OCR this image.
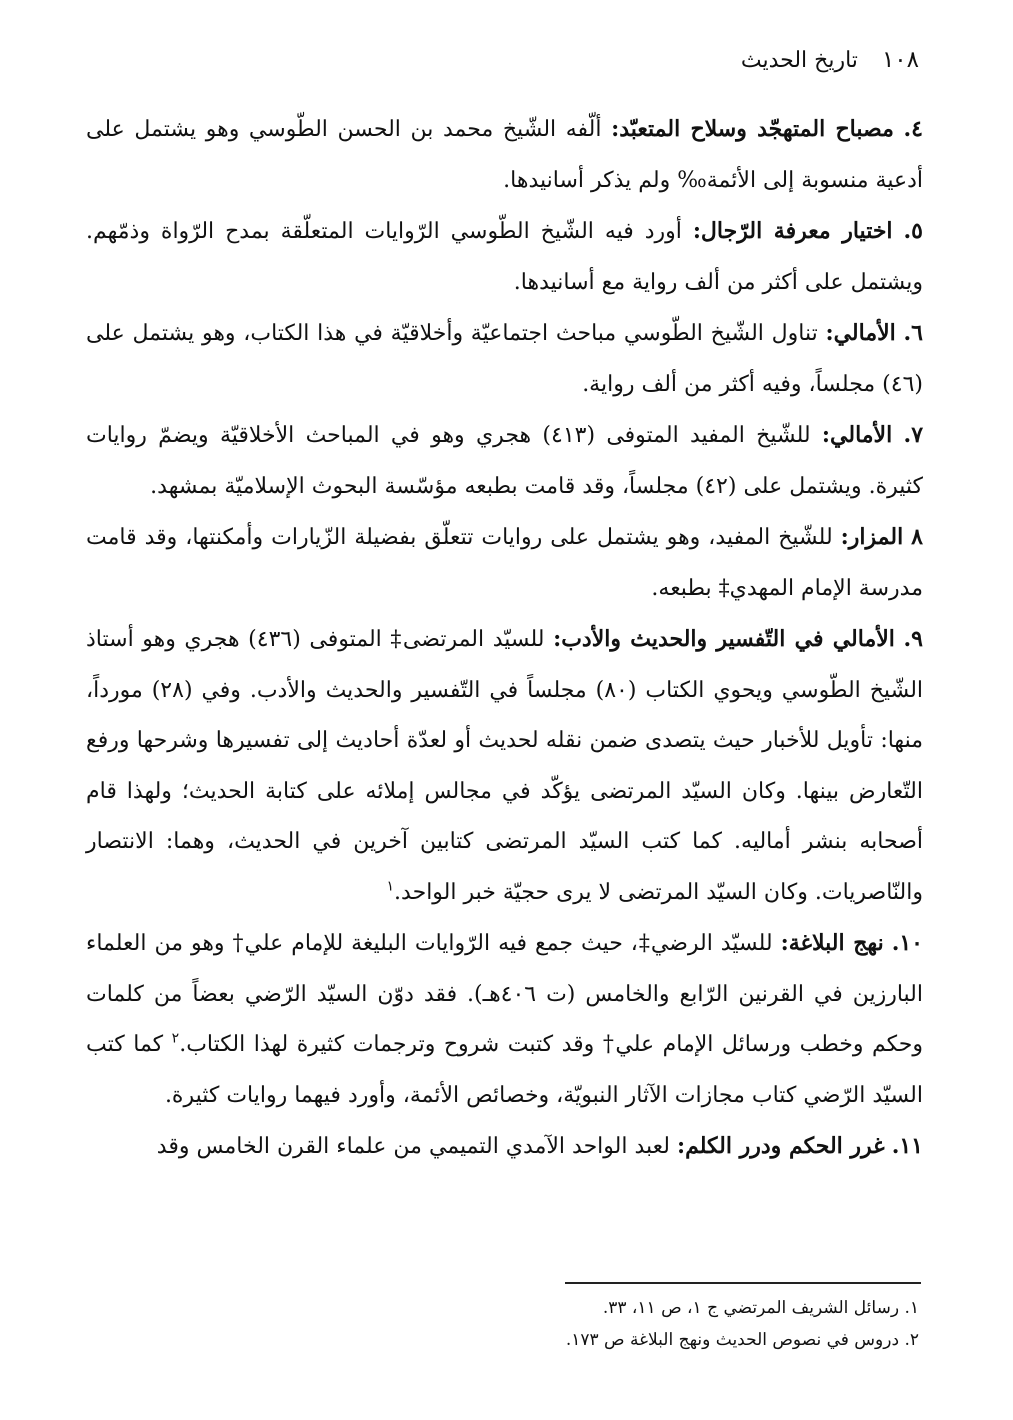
١٠٨
تاريخ الحديث

٤. مصباح المتهجّد وسلاح المتعبّد: ألّفه الشّيخ محمد بن الحسن الطّوسي وهو يشتمل على أدعية منسوبة إلى الأئمة‰ ولم يذكر أسانيدها.

٥. اختيار معرفة الرّجال: أورد فيه الشّيخ الطّوسي الرّوايات المتعلّقة بمدح الرّواة وذمّهم. ويشتمل على أكثر من ألف رواية مع أسانيدها.

٦. الأمالي: تناول الشّيخ الطّوسي مباحث اجتماعيّة وأخلاقيّة في هذا الكتاب، وهو يشتمل على (٤٦) مجلساً، وفيه أكثر من ألف رواية.

٧. الأمالي: للشّيخ المفيد المتوفى (٤١٣) هجري وهو في المباحث الأخلاقيّة ويضمّ روايات كثيرة. ويشتمل على (٤٢) مجلساً، وقد قامت بطبعه مؤسّسة البحوث الإسلاميّة بمشهد.

٨ المزار: للشّيخ المفيد، وهو يشتمل على روايات تتعلّق بفضيلة الزّيارات وأمكنتها، وقد قامت مدرسة الإمام المهدي‡ بطبعه.

٩. الأمالي في التّفسير والحديث والأدب: للسيّد المرتضى‡ المتوفى (٤٣٦) هجري وهو أستاذ الشّيخ الطّوسي ويحوي الكتاب (٨٠) مجلساً في التّفسير والحديث والأدب. وفي (٢٨) مورداً، منها: تأويل للأخبار حيث يتصدى ضمن نقله لحديث أو لعدّة أحاديث إلى تفسيرها وشرحها ورفع التّعارض بينها. وكان السيّد المرتضى يؤكّد في مجالس إملائه على كتابة الحديث؛ ولهذا قام أصحابه بنشر أماليه. كما كتب السيّد المرتضى كتابين آخرين في الحديث، وهما: الانتصار والنّاصريات. وكان السيّد المرتضى لا يرى حجيّة خبر الواحد.$^١$

١٠. نهج البلاغة: للسيّد الرضي‡، حيث جمع فيه الرّوايات البليغة للإمام علي† وهو من العلماء البارزين في القرنين الرّابع والخامس (ت ٤٠٦هـ). فقد دوّن السيّد الرّضي بعضاً من كلمات وحكم وخطب ورسائل الإمام علي† وقد كتبت شروح وترجمات كثيرة لهذا الكتاب.$^٢$ كما كتب السيّد الرّضي كتاب مجازات الآثار النبويّة، وخصائص الأئمة، وأورد فيهما روايات كثيرة.

١١. غرر الحكم ودرر الكلم: لعبد الواحد الآمدي التميمي من علماء القرن الخامس وقد

١. رسائل الشريف المرتضي ج ١، ص ١١، ٣٣.

٢. دروس في نصوص الحديث ونهج البلاغة ص ١٧٣.
